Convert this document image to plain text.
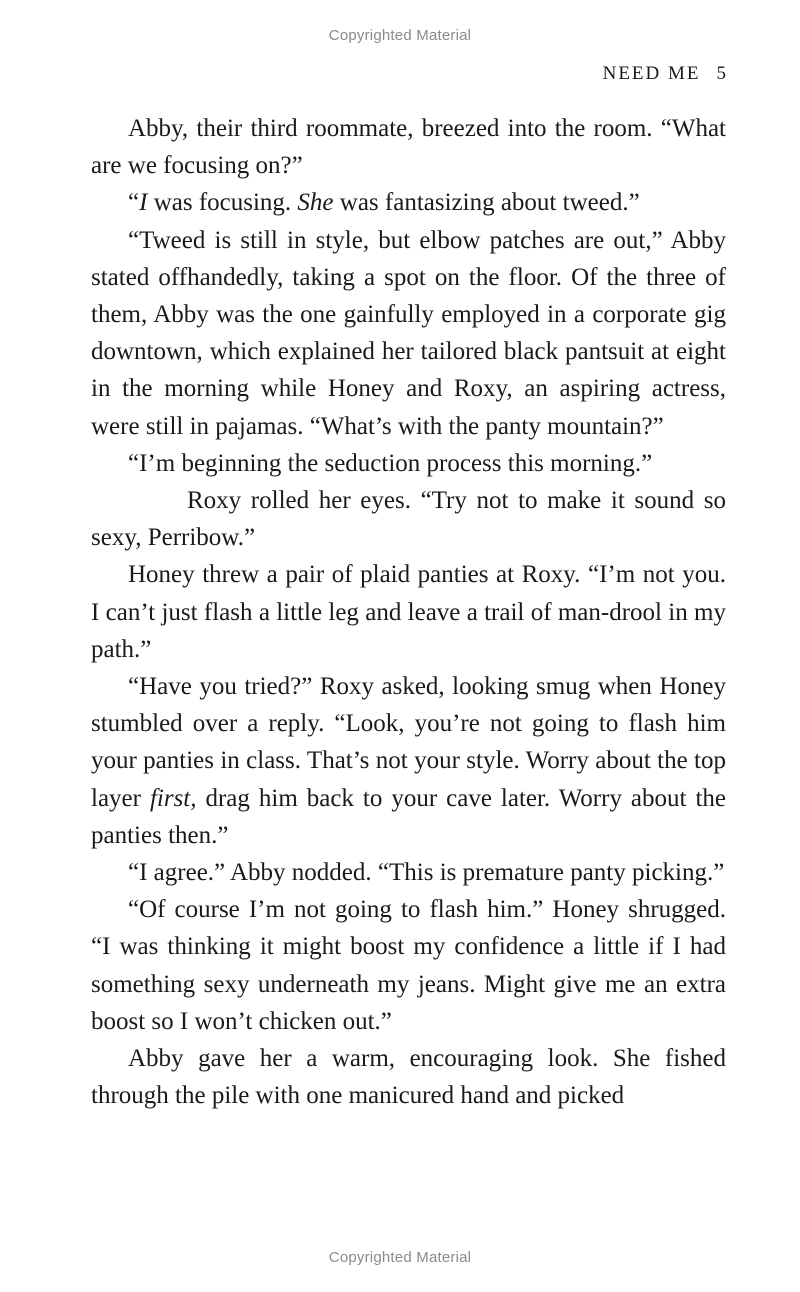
Copyrighted Material
NEED ME 5

Abby, their third roommate, breezed into the room. “What are we focusing on?”

“I was focusing. She was fantasizing about tweed.”

“Tweed is still in style, but elbow patches are out,” Abby stated offhandedly, taking a spot on the floor. Of the three of them, Abby was the one gainfully employed in a corporate gig downtown, which explained her tailored black pantsuit at eight in the morning while Honey and Roxy, an aspiring actress, were still in pajamas. “What’s with the panty mountain?”

“I’m beginning the seduction process this morning.”

Roxy rolled her eyes. “Try not to make it sound so sexy, Perribow.”

Honey threw a pair of plaid panties at Roxy. “I’m not you. I can’t just flash a little leg and leave a trail of man-drool in my path.”

“Have you tried?” Roxy asked, looking smug when Honey stumbled over a reply. “Look, you’re not going to flash him your panties in class. That’s not your style. Worry about the top layer first, drag him back to your cave later. Worry about the panties then.”

“I agree.” Abby nodded. “This is premature panty picking.”

“Of course I’m not going to flash him.” Honey shrugged. “I was thinking it might boost my confidence a little if I had something sexy underneath my jeans. Might give me an extra boost so I won’t chicken out.”

Abby gave her a warm, encouraging look. She fished through the pile with one manicured hand and picked

Copyrighted Material
